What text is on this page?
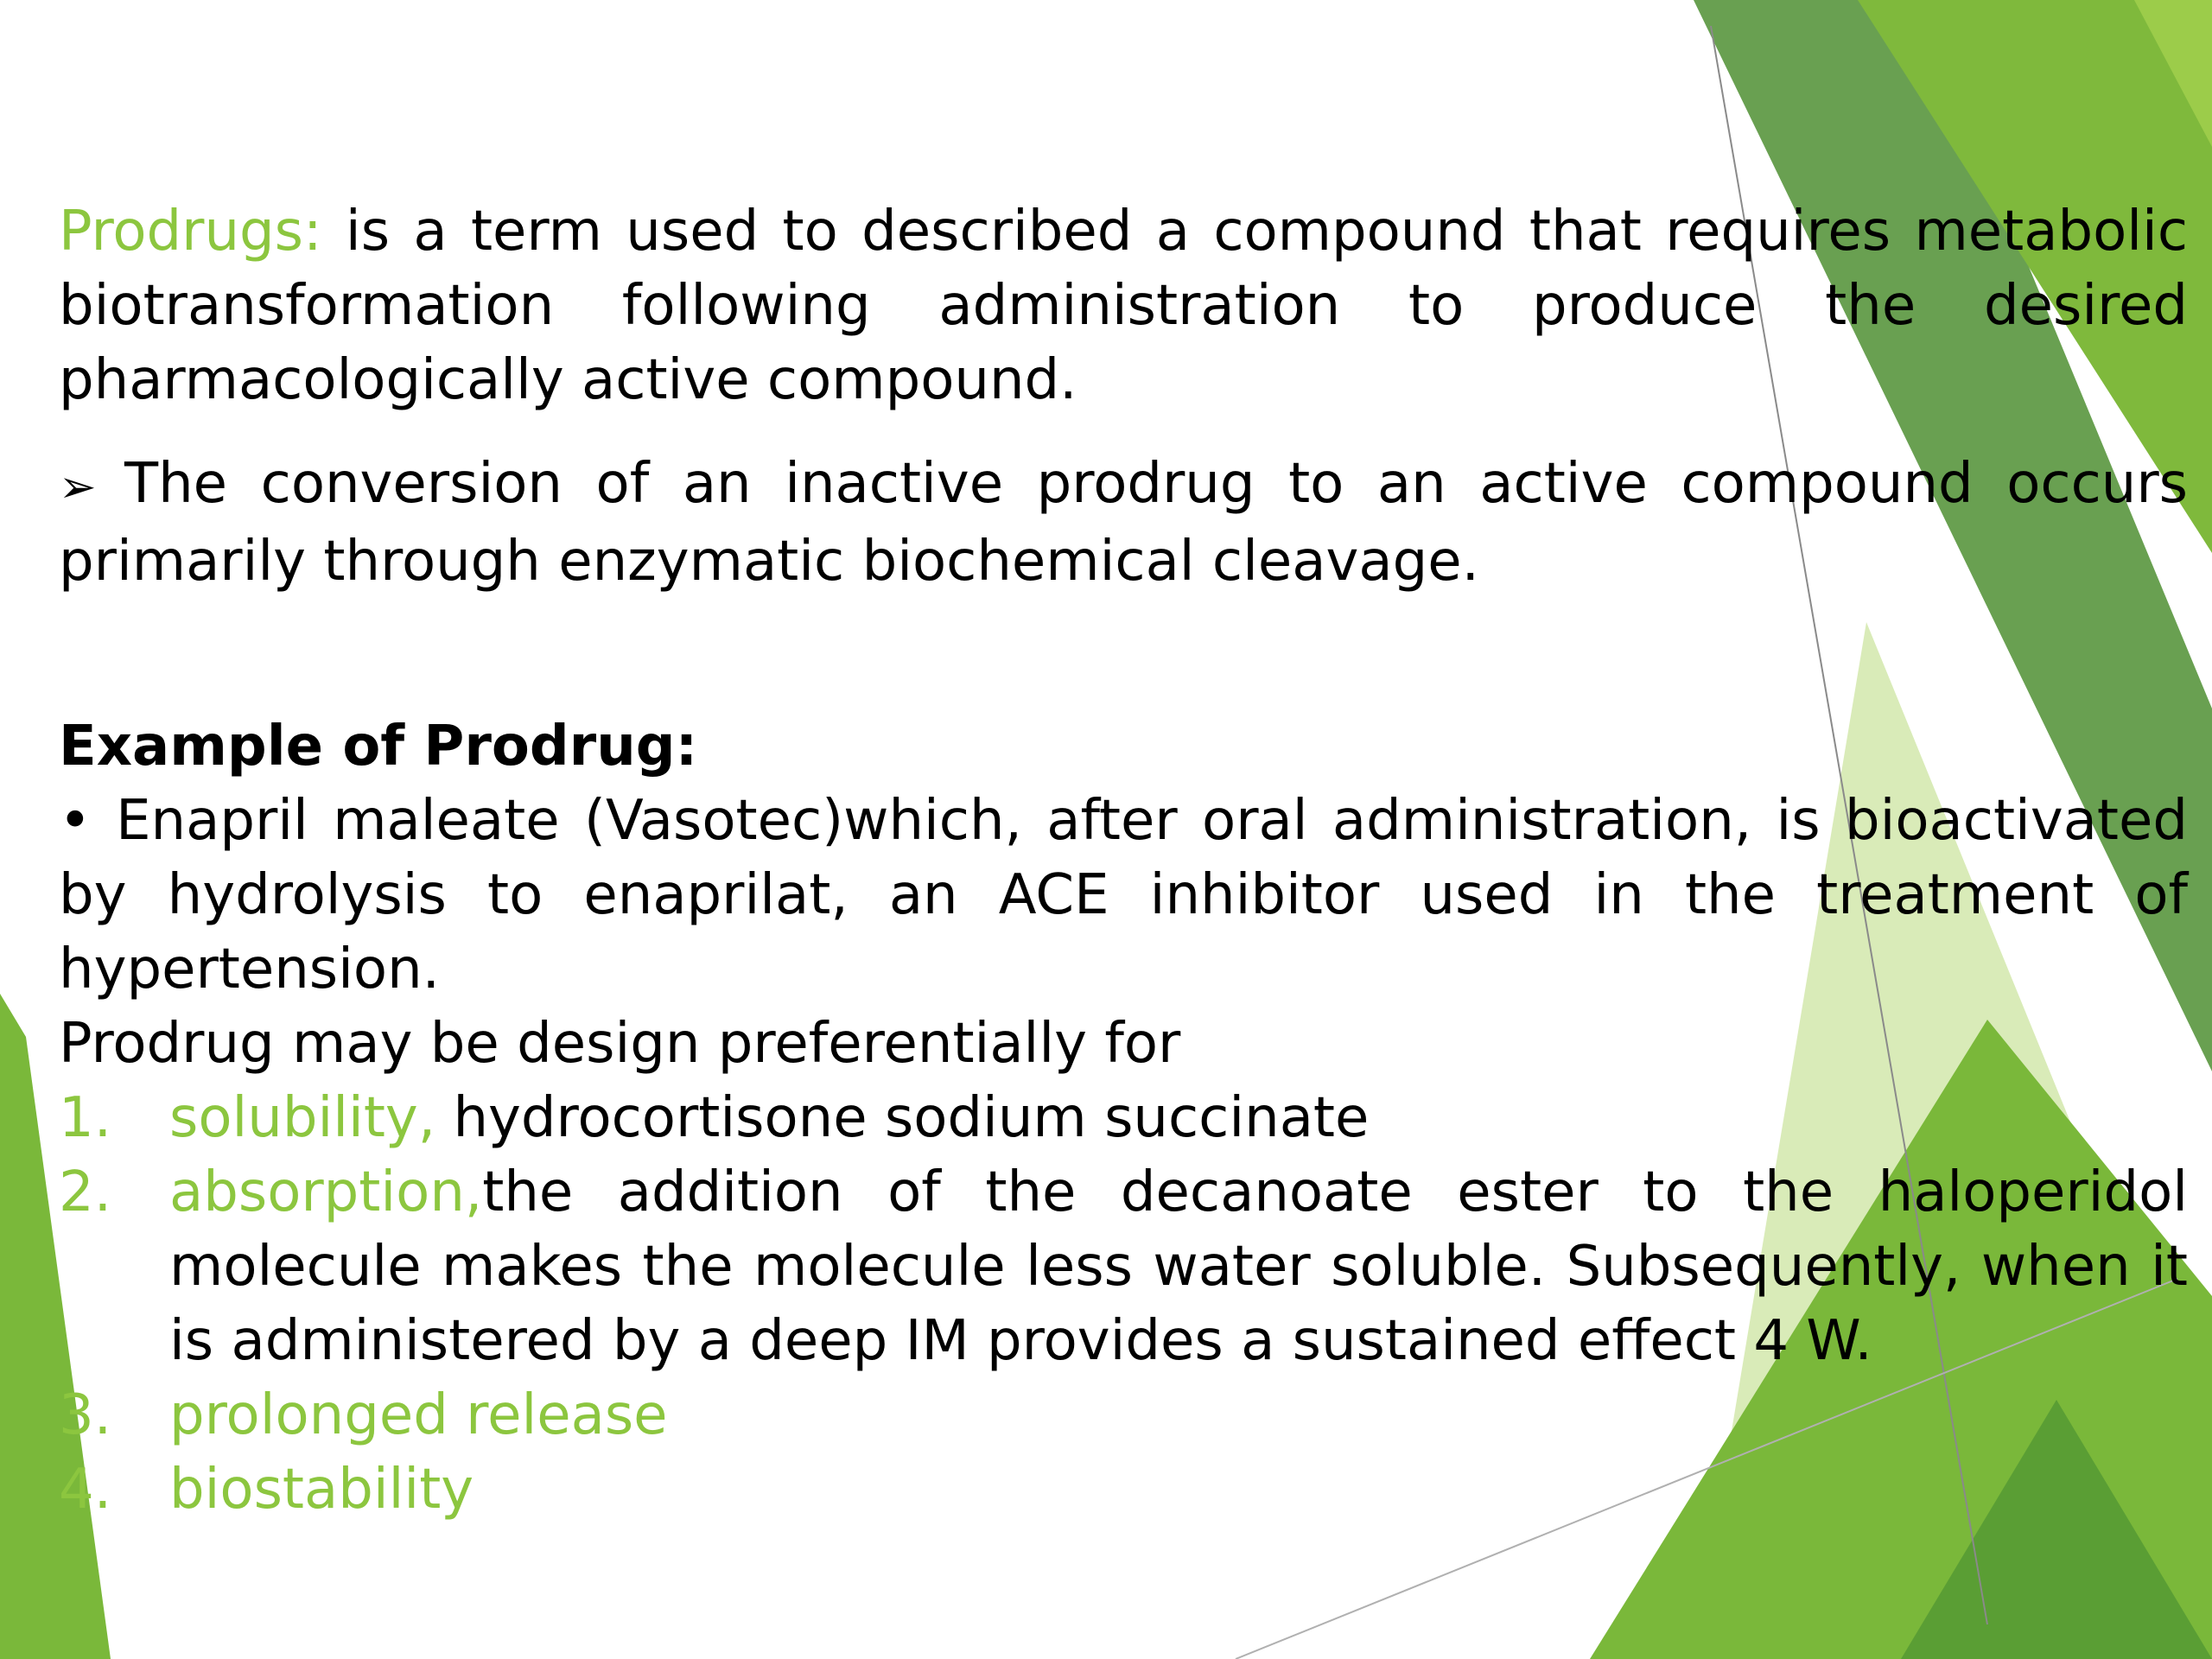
Prodrugs: is a term used to described a compound that requires metabolic biotransformation following administration to produce the desired pharmacologically active compound.

➢ The conversion of an inactive prodrug to an active compound occurs primarily through enzymatic biochemical cleavage.

Example of Prodrug:

• Enapril maleate (Vasotec)which, after oral administration, is bioactivated by hydrolysis to enaprilat, an ACE inhibitor used in the treatment of hypertension.

Prodrug may be design preferentially for

1. solubility, hydrocortisone sodium succinate
2. absorption,the addition of the decanoate ester to the haloperidol molecule makes the molecule less water soluble. Subsequently, when it is administered by a deep IM provides a sustained effect 4 W.
3. prolonged release
4. biostability
